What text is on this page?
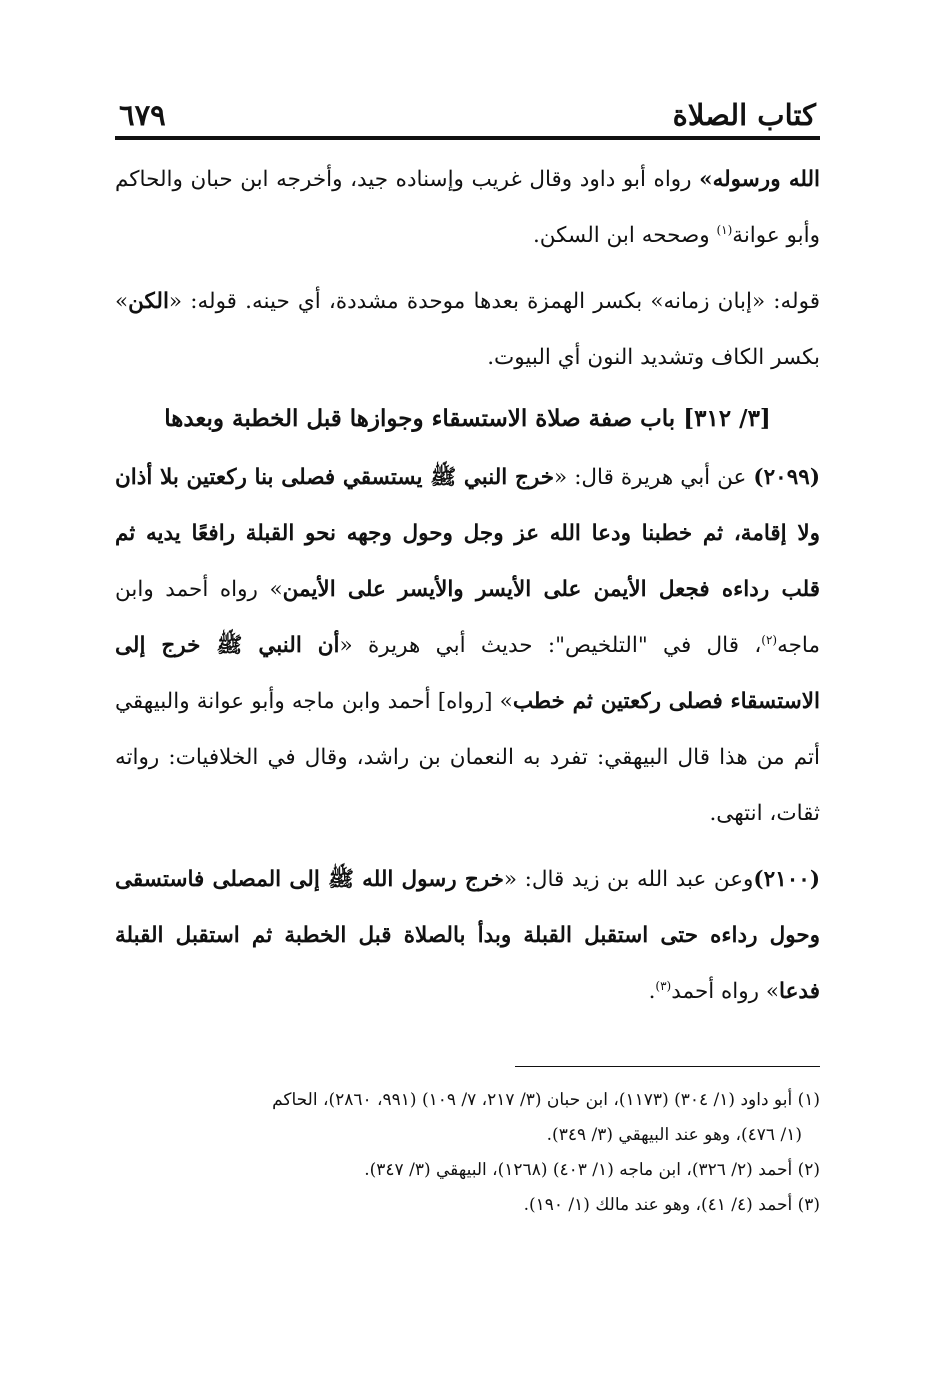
كتاب الصلاة
٦٧٩

الله ورسوله» رواه أبو داود وقال غريب وإسناده جيد، وأخرجه ابن حبان والحاكم وأبو عوانة$^{(١)}$ وصححه ابن السكن.

قوله: «إبان زمانه» بكسر الهمزة بعدها موحدة مشددة، أي حينه. قوله: «الكن» بكسر الكاف وتشديد النون أي البيوت.

[٣/ ٣١٢] باب صفة صلاة الاستسقاء وجوازها قبل الخطبة وبعدها

(٢٠٩٩) عن أبي هريرة قال: «خرج النبي ﷺ يستسقي فصلى بنا ركعتين بلا أذان ولا إقامة، ثم خطبنا ودعا الله عز وجل وحول وجهه نحو القبلة رافعًا يديه ثم قلب رداءه فجعل الأيمن على الأيسر والأيسر على الأيمن» رواه أحمد وابن ماجه$^{(٢)}$، قال في "التلخيص": حديث أبي هريرة «أن النبي ﷺ خرج إلى الاستسقاء فصلى ركعتين ثم خطب» [رواه] أحمد وابن ماجه وأبو عوانة والبيهقي أتم من هذا قال البيهقي: تفرد به النعمان بن راشد، وقال في الخلافيات: رواته ثقات، انتهى.

(٢١٠٠)وعن عبد الله بن زيد قال: «خرج رسول الله ﷺ إلى المصلى فاستسقى وحول رداءه حتى استقبل القبلة وبدأ بالصلاة قبل الخطبة ثم استقبل القبلة فدعا» رواه أحمد$^{(٣)}$.

(١) أبو داود (١/ ٣٠٤) (١١٧٣)، ابن حبان (٣/ ٢١٧، ٧/ ١٠٩) (٩٩١، ٢٨٦٠)، الحاكم
(١/ ٤٧٦)، وهو عند البيهقي (٣/ ٣٤٩).
(٢) أحمد (٢/ ٣٢٦)، ابن ماجه (١/ ٤٠٣) (١٢٦٨)، البيهقي (٣/ ٣٤٧).
(٣) أحمد (٤/ ٤١)، وهو عند مالك (١/ ١٩٠).
